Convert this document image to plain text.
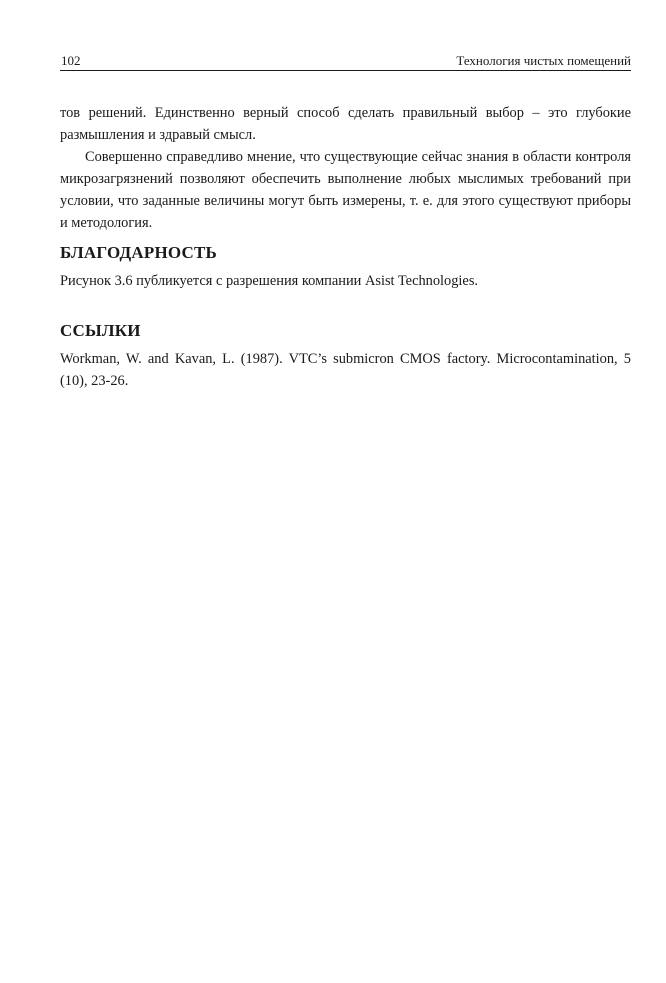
102	Технология чистых помещений

тов решений. Единственно верный способ сделать правильный выбор – это глубокие размышления и здравый смысл.

Совершенно справедливо мнение, что существующие сейчас знания в области контроля микрозагрязнений позволяют обеспечить выполнение любых мыслимых требований при условии, что заданные величины могут быть измерены, т. е. для этого существуют приборы и методология.

БЛАГОДАРНОСТЬ

Рисунок 3.6 публикуется с разрешения компании Asist Technologies.

ССЫЛКИ

Workman, W. and Kavan, L. (1987). VTC’s submicron CMOS factory. Microcontamination, 5 (10), 23-26.
